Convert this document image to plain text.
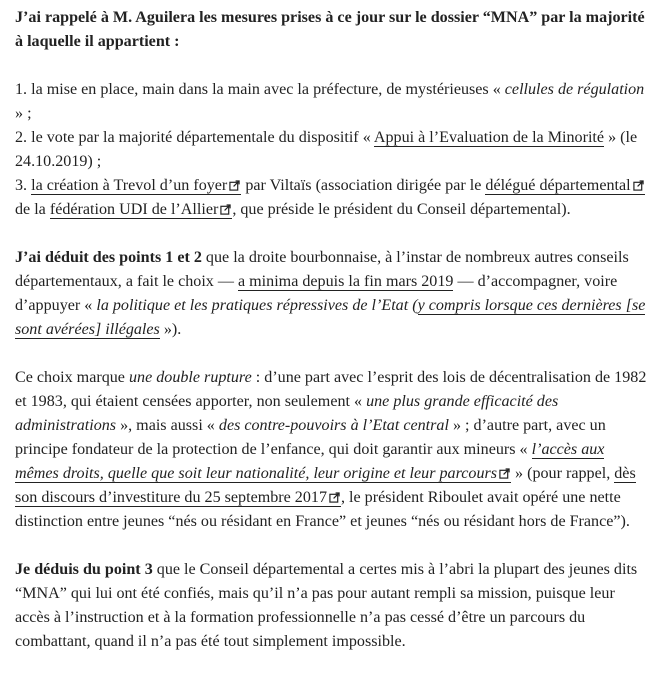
J’ai rappelé à M. Aguilera les mesures prises à ce jour sur le dossier “MNA” par la majorité à laquelle il appartient :

1. la mise en place, main dans la main avec la préfecture, de mystérieuses « cellules de régulation » ;
2. le vote par la majorité départementale du dispositif « Appui à l’Evaluation de la Minorité » (le 24.10.2019) ;
3. la création à Trevol d’un foyer par Viltaïs (association dirigée par le délégué départemental de la fédération UDI de l’Allier , que préside le président du Conseil départemental).

J’ai déduit des points 1 et 2 que la droite bourbonnaise, à l’instar de nombreux autres conseils départementaux, a fait le choix — a minima depuis la fin mars 2019 — d’accompagner, voire d’appuyer « la politique et les pratiques répressives de l’Etat (y compris lorsque ces dernières [se sont avérées] illégales »).

Ce choix marque une double rupture : d’une part avec l’esprit des lois de décentralisation de 1982 et 1983, qui étaient censées apporter, non seulement « une plus grande efficacité des administrations », mais aussi « des contre-pouvoirs à l’Etat central » ; d’autre part, avec un principe fondateur de la protection de l’enfance, qui doit garantir aux mineurs « l’accès aux mêmes droits, quelle que soit leur nationalité, leur origine et leur parcours » (pour rappel, dès son discours d’investiture du 25 septembre 2017 , le président Riboulet avait opéré une nette distinction entre jeunes “nés ou résidant en France” et jeunes “nés ou résidant hors de France”).

Je déduis du point 3 que le Conseil départemental a certes mis à l’abri la plupart des jeunes dits “MNA” qui lui ont été confiés, mais qu’il n’a pas pour autant rempli sa mission, puisque leur accès à l’instruction et à la formation professionnelle n’a pas cessé d’être un parcours du combattant, quand il n’a pas été tout simplement impossible.
